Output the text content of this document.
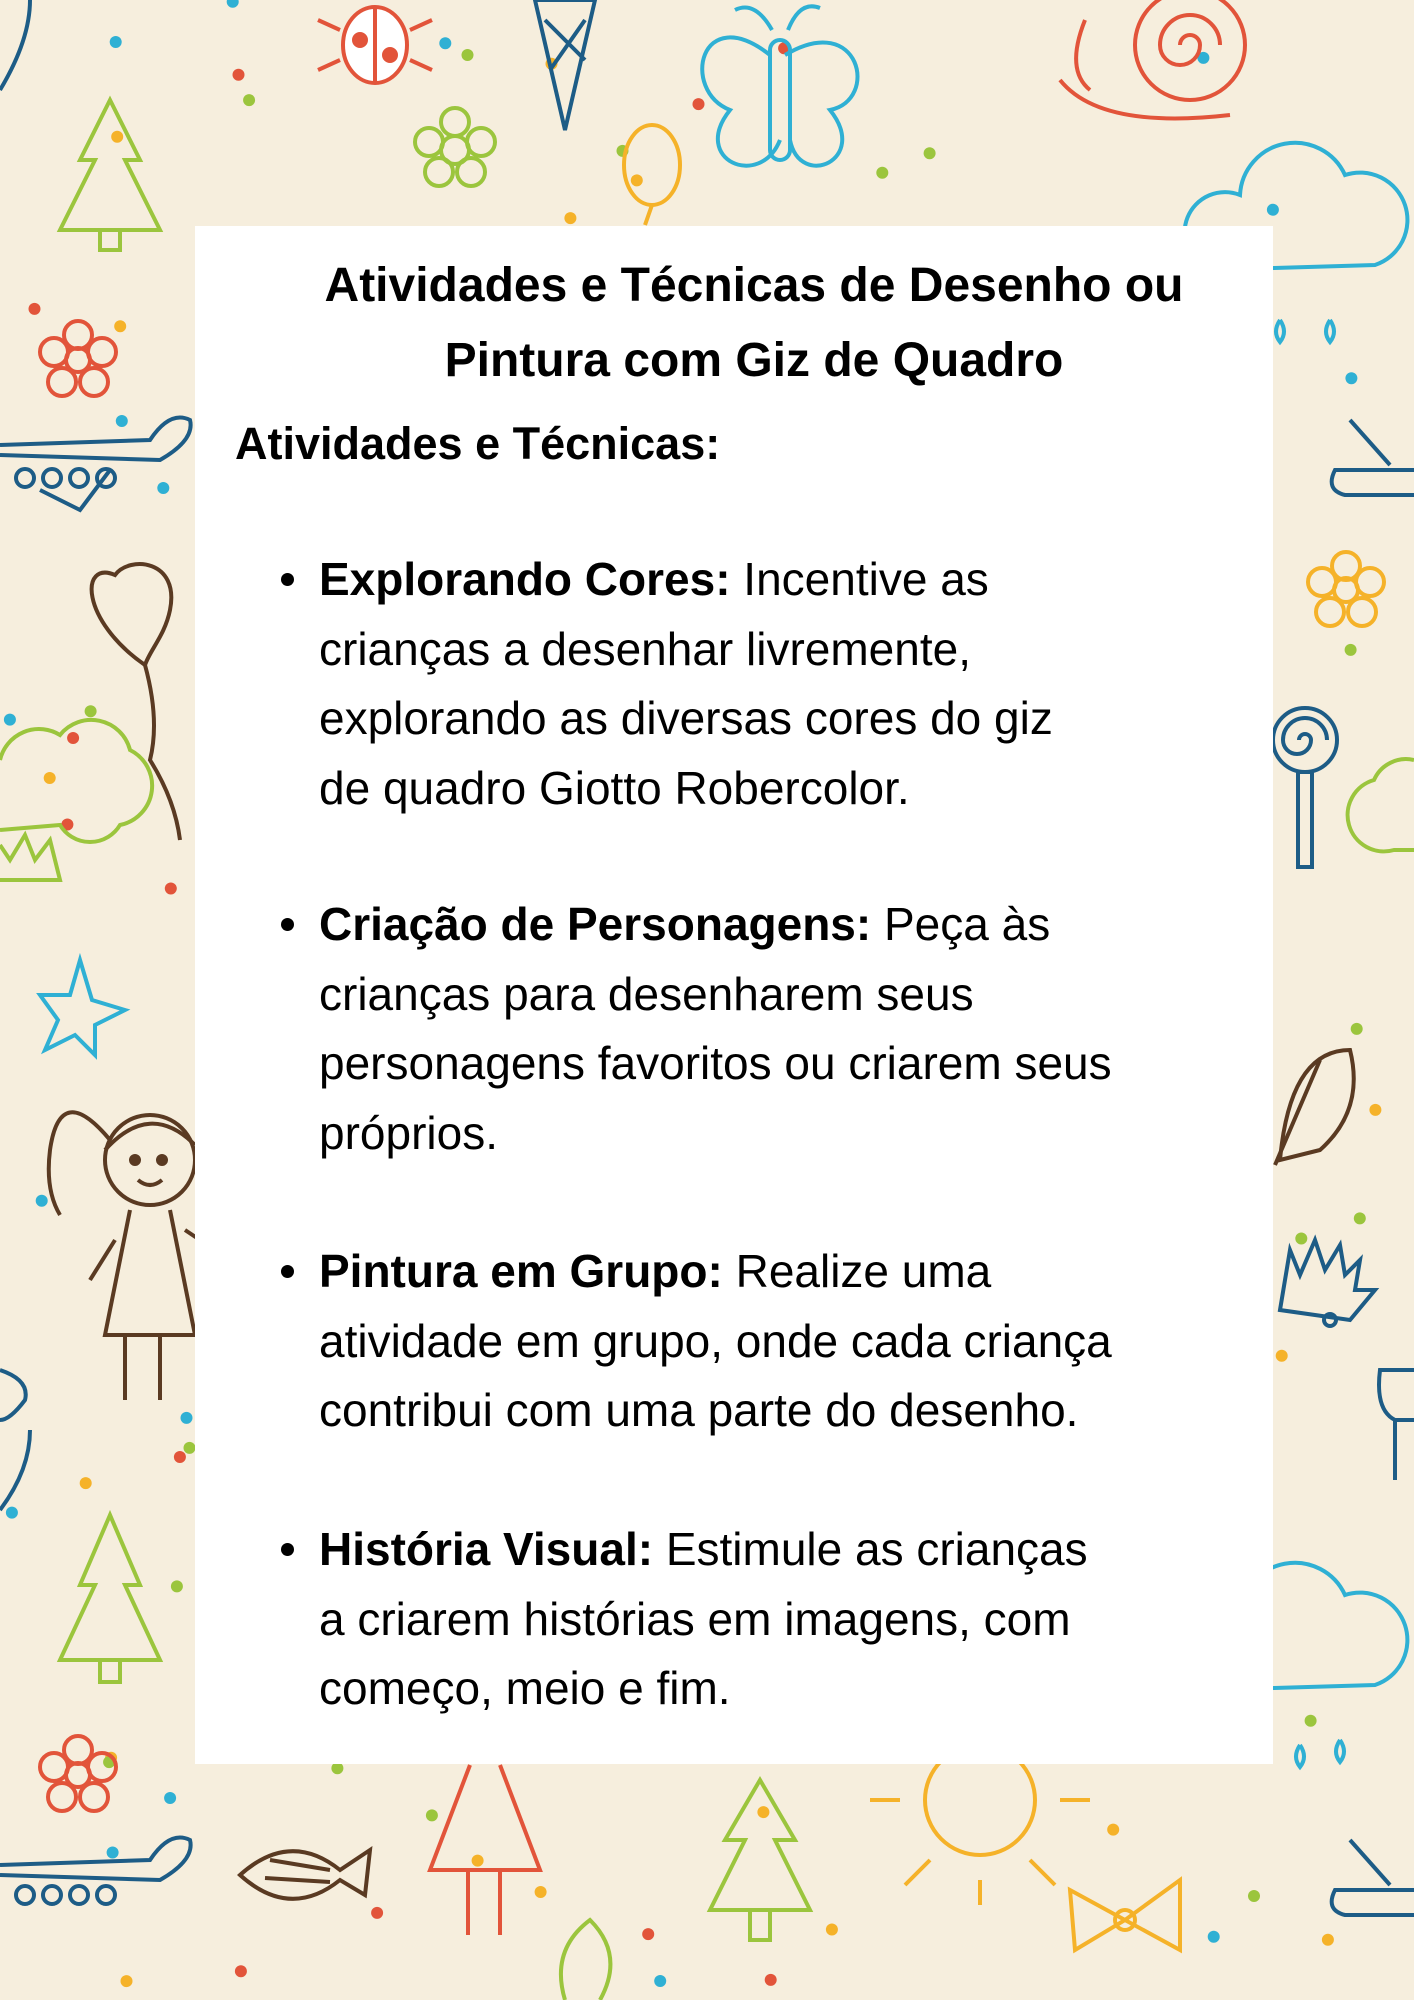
Atividades e Técnicas de Desenho ou
Pintura com Giz de Quadro
Atividades e Técnicas:
Explorando Cores: Incentive as
crianças a desenhar livremente,
explorando as diversas cores do giz
de quadro Giotto Robercolor.
Criação de Personagens: Peça às
crianças para desenharem seus
personagens favoritos ou criarem seus
próprios.
Pintura em Grupo: Realize uma
atividade em grupo, onde cada criança
contribui com uma parte do desenho.
História Visual: Estimule as crianças
a criarem histórias em imagens, com
começo, meio e fim.
